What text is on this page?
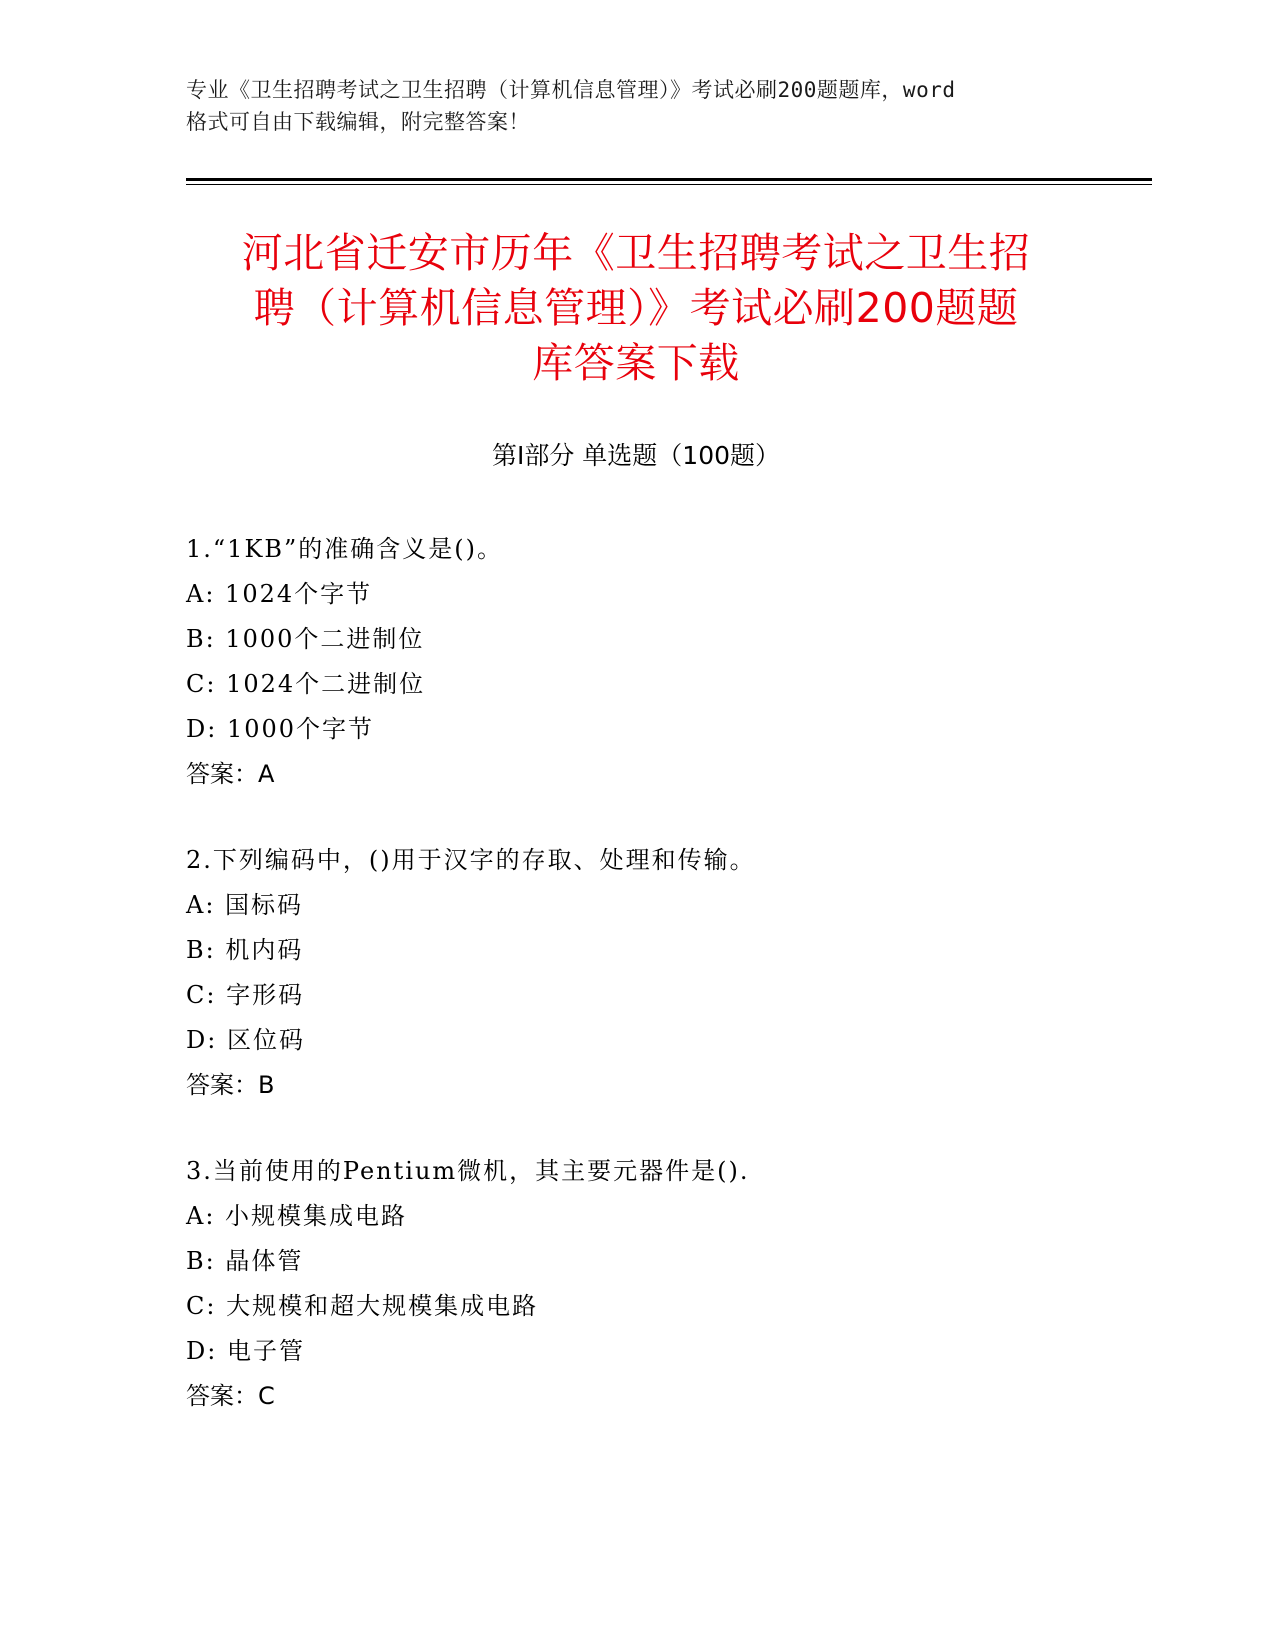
专业《卫生招聘考试之卫生招聘（计算机信息管理）》考试必刷200题题库，word
格式可自由下载编辑，附完整答案！
河北省迁安市历年《卫生招聘考试之卫生招
聘（计算机信息管理）》考试必刷200题题
库答案下载
第Ⅰ部分 单选题（100题）
1.“1KB”的准确含义是()。
A: 1024个字节
B: 1000个二进制位
C: 1024个二进制位
D: 1000个字节
答案：A
2.下列编码中，()用于汉字的存取、处理和传输。
A: 国标码
B: 机内码
C: 字形码
D: 区位码
答案：B
3.当前使用的Pentium微机，其主要元器件是().
A: 小规模集成电路
B: 晶体管
C: 大规模和超大规模集成电路
D: 电子管
答案：C
